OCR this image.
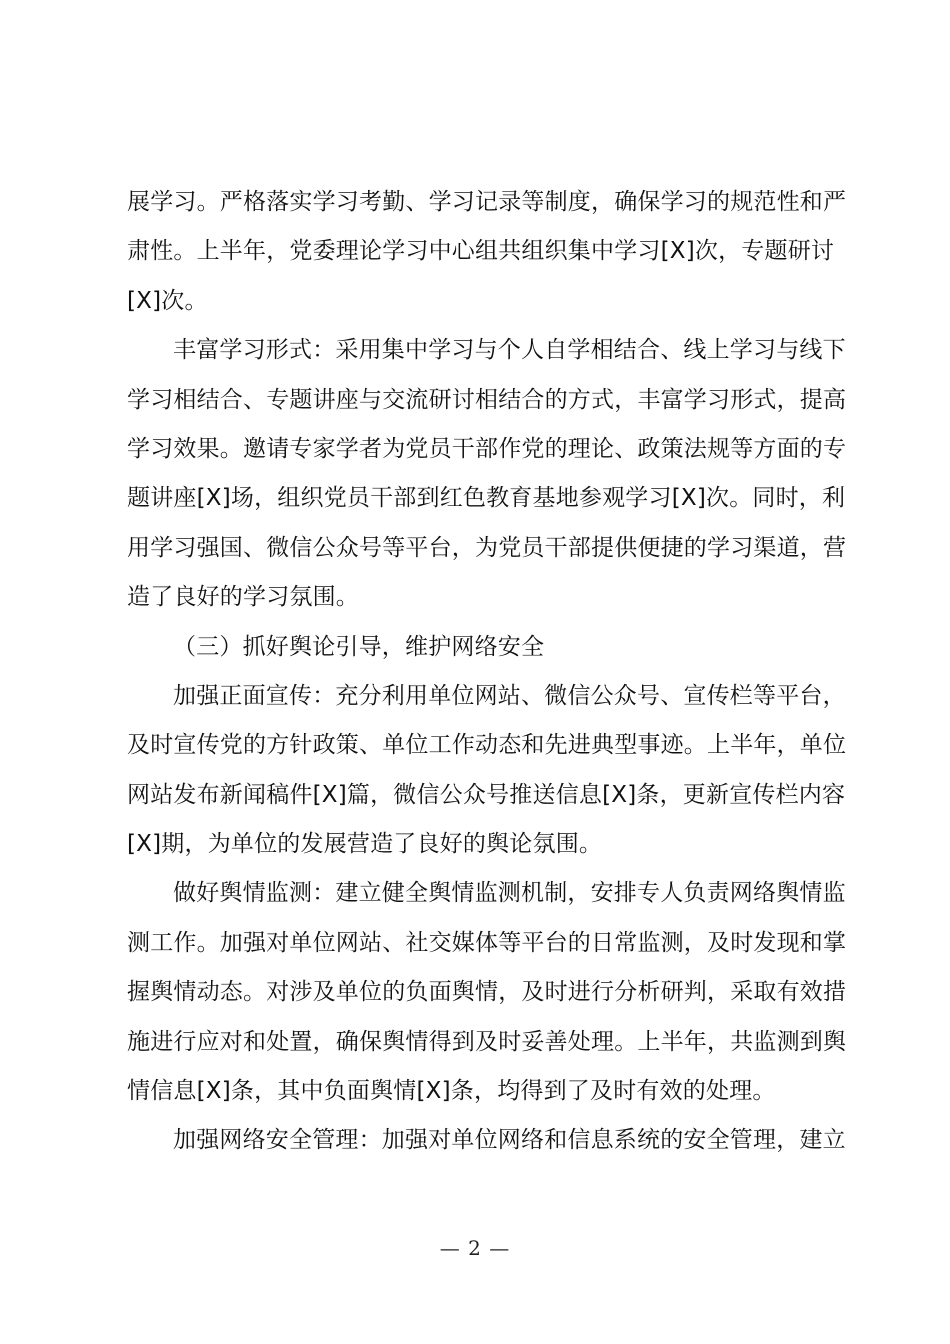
展学习。严格落实学习考勤、学习记录等制度，确保学习的规范性和严
肃性。上半年，党委理论学习中心组共组织集中学习[X]次，专题研讨
[X]次。
丰富学习形式：采用集中学习与个人自学相结合、线上学习与线下
学习相结合、专题讲座与交流研讨相结合的方式，丰富学习形式，提高
学习效果。邀请专家学者为党员干部作党的理论、政策法规等方面的专
题讲座[X]场，组织党员干部到红色教育基地参观学习[X]次。同时，利
用学习强国、微信公众号等平台，为党员干部提供便捷的学习渠道，营
造了良好的学习氛围。
（三）抓好舆论引导，维护网络安全
加强正面宣传：充分利用单位网站、微信公众号、宣传栏等平台，
及时宣传党的方针政策、单位工作动态和先进典型事迹。上半年，单位
网站发布新闻稿件[X]篇，微信公众号推送信息[X]条，更新宣传栏内容
[X]期，为单位的发展营造了良好的舆论氛围。
做好舆情监测：建立健全舆情监测机制，安排专人负责网络舆情监
测工作。加强对单位网站、社交媒体等平台的日常监测，及时发现和掌
握舆情动态。对涉及单位的负面舆情，及时进行分析研判，采取有效措
施进行应对和处置，确保舆情得到及时妥善处理。上半年，共监测到舆
情信息[X]条，其中负面舆情[X]条，均得到了及时有效的处理。
加强网络安全管理：加强对单位网络和信息系统的安全管理，建立
— 2 —
